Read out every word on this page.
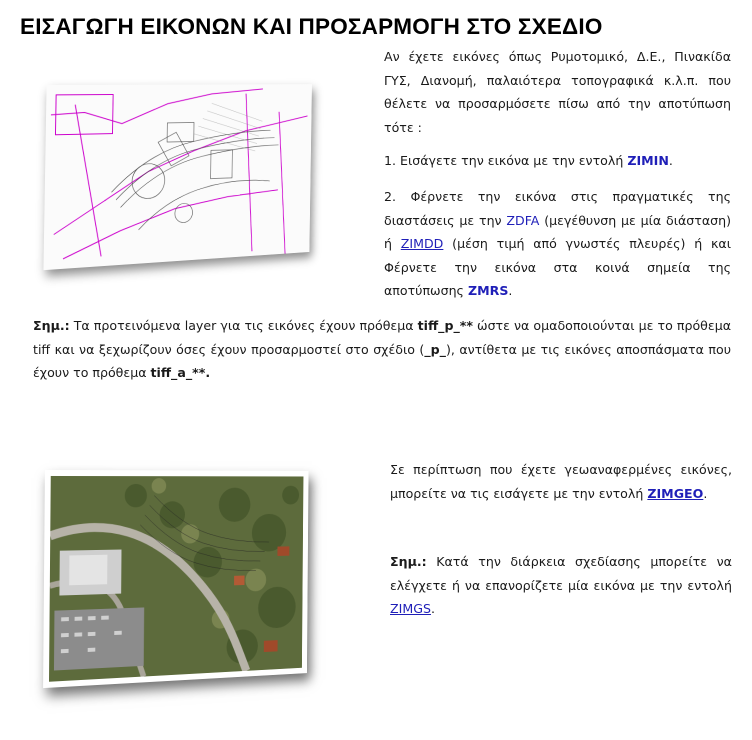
ΕΙΣΑΓΩΓΗ ΕΙΚΟΝΩΝ ΚΑΙ ΠΡΟΣΑΡΜΟΓΗ ΣΤΟ ΣΧΕΔΙΟ
Αν έχετε εικόνες όπως Ρυμοτομικό, Δ.Ε., Πινακίδα ΓΥΣ, Διανομή, παλαιότερα τοπογραφικά κ.λ.π. που θέλετε να προσαρμόσετε πίσω από την αποτύπωση τότε :
1. Εισάγετε την εικόνα με την εντολή ZIMIN.
2. Φέρνετε την εικόνα στις πραγματικές της διαστάσεις με την ZDFA (μεγέθυνση με μία διάσταση) ή ZIMDD (μέση τιμή από γνωστές πλευρές) ή και Φέρνετε την εικόνα στα κοινά σημεία της αποτύπωσης ZMRS.
Σημ.: Τα προτεινόμενα layer για τις εικόνες έχουν πρόθεμα tiff_p_** ώστε να ομαδοποιούνται με το πρόθεμα tiff και να ξεχωρίζουν όσες έχουν προσαρμοστεί στο σχέδιο (_p_), αντίθετα με τις εικόνες αποσπάσματα που έχουν το πρόθεμα tiff_a_**.
Σε περίπτωση που έχετε γεωαναφερμένες εικόνες, μπορείτε να τις εισάγετε με την εντολή ZIMGEO.
Σημ.: Κατά την διάρκεια σχεδίασης μπορείτε να ελέγχετε ή να επανορίζετε μία εικόνα με την εντολή ZIMGS.
